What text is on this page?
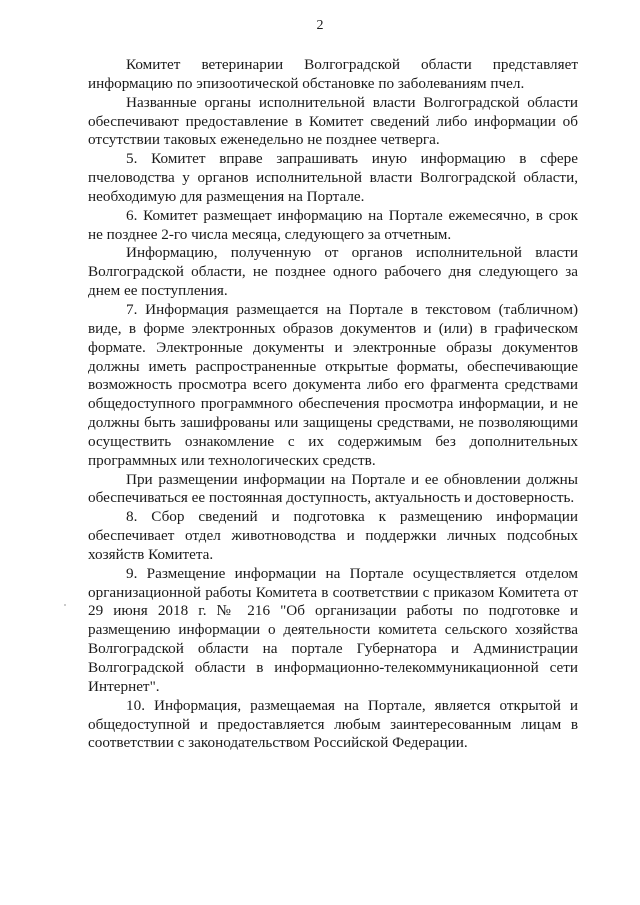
2

Комитет ветеринарии Волгоградской области представляет информацию по эпизоотической обстановке по заболеваниям пчел.

Названные органы исполнительной власти Волгоградской области обеспечивают предоставление в Комитет сведений либо информации об отсутствии таковых еженедельно не позднее четверга.

5. Комитет вправе запрашивать иную информацию в сфере пчеловодства у органов исполнительной власти Волгоградской области, необходимую для размещения на Портале.

6. Комитет размещает информацию на Портале ежемесячно, в срок не позднее 2-го числа месяца, следующего за отчетным.

Информацию, полученную от органов исполнительной власти Волгоградской области, не позднее одного рабочего дня следующего за днем ее поступления.

7. Информация размещается на Портале в текстовом (табличном) виде, в форме электронных образов документов и (или) в графическом формате. Электронные документы и электронные образы документов должны иметь распространенные открытые форматы, обеспечивающие возможность просмотра всего документа либо его фрагмента средствами общедоступного программного обеспечения просмотра информации, и не должны быть зашифрованы или защищены средствами, не позволяющими осуществить ознакомление с их содержимым без дополнительных программных или технологических средств.

При размещении информации на Портале и ее обновлении должны обеспечиваться ее постоянная доступность, актуальность и достоверность.

8. Сбор сведений и подготовка к размещению информации обеспечивает отдел животноводства и поддержки личных подсобных хозяйств Комитета.

9. Размещение информации на Портале осуществляется отделом организационной работы Комитета в соответствии с приказом Комитета от 29 июня 2018 г. № 216 "Об организации работы по подготовке и размещению информации о деятельности комитета сельского хозяйства Волгоградской области на портале Губернатора и Администрации Волгоградской области в информационно-телекоммуникационной сети Интернет".

10. Информация, размещаемая на Портале, является открытой и общедоступной и предоставляется любым заинтересованным лицам в соответствии с законодательством Российской Федерации.
